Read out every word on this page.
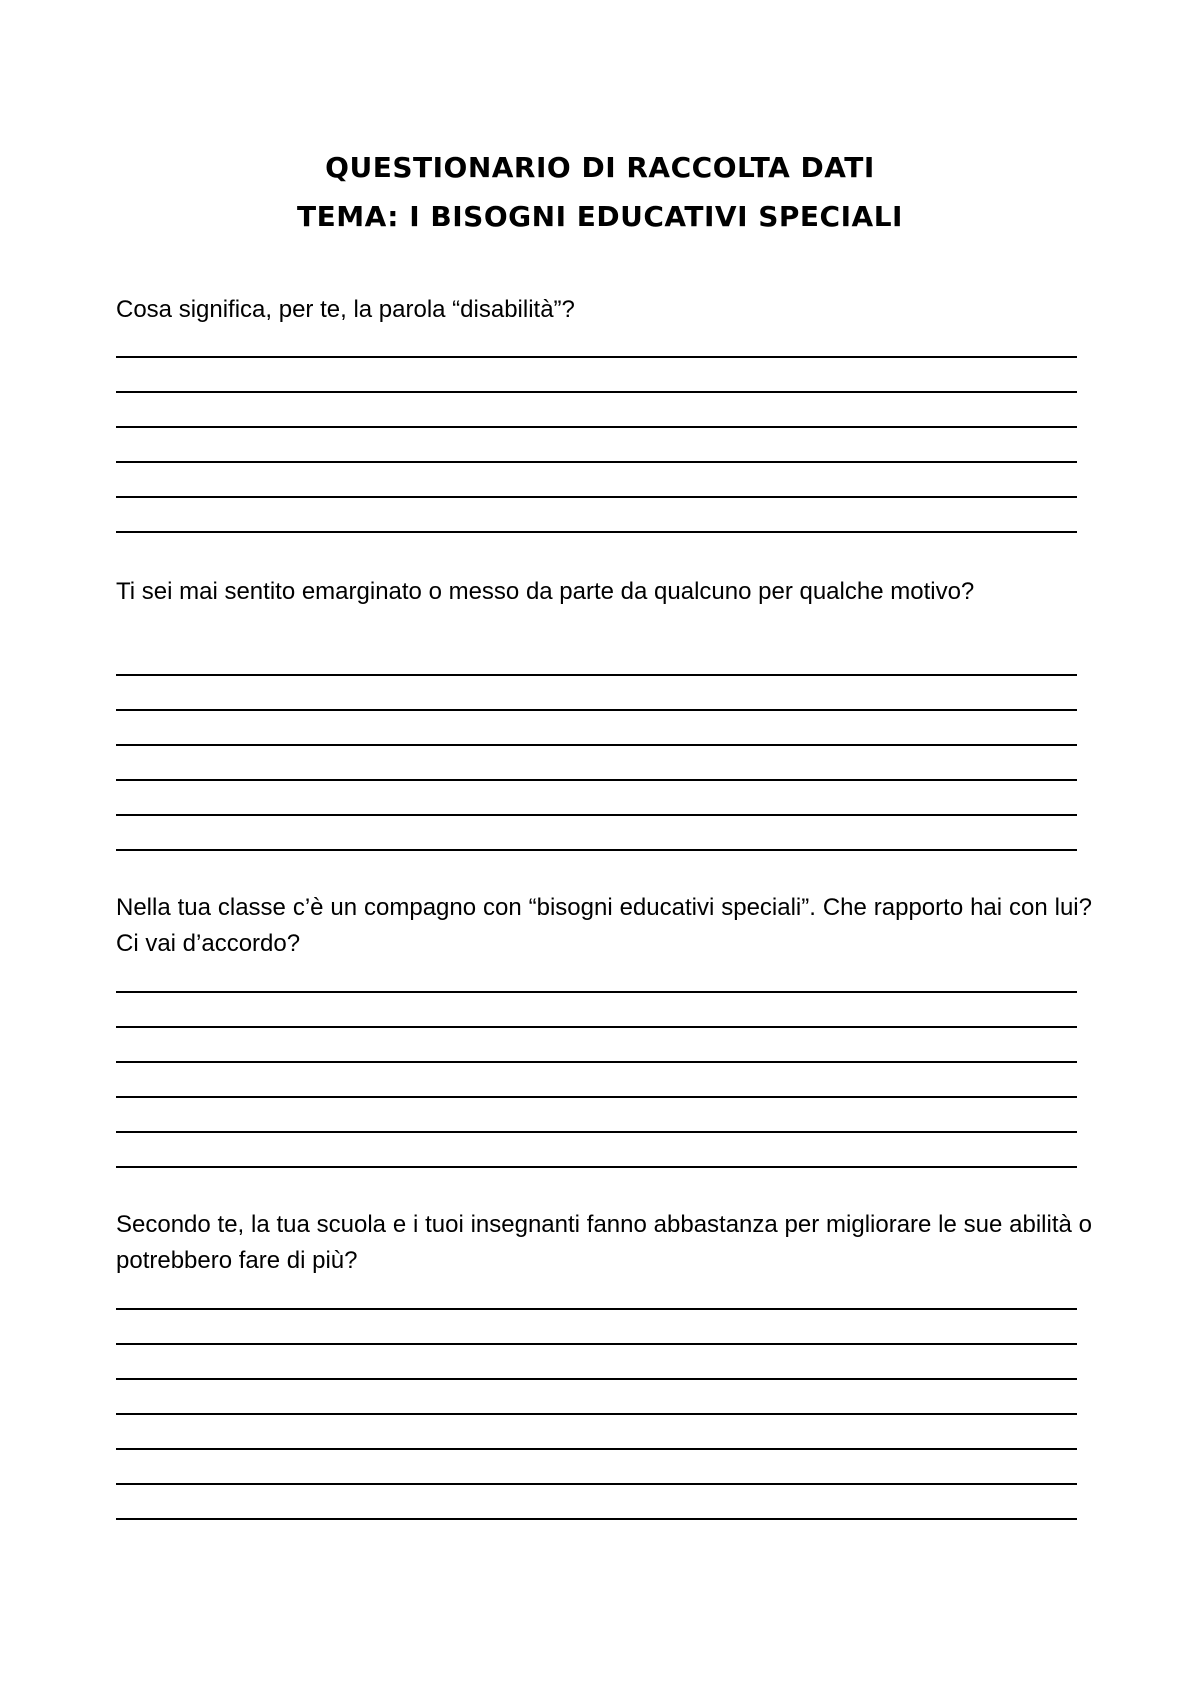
QUESTIONARIO DI RACCOLTA DATI
TEMA: I BISOGNI EDUCATIVI SPECIALI

Cosa significa, per te, la parola “disabilità”?

Ti sei mai sentito emarginato o messo da parte da qualcuno per qualche motivo?

Nella tua classe c’è un compagno con “bisogni educativi speciali”. Che rapporto hai con lui? Ci vai d’accordo?

Secondo te, la tua scuola e i tuoi insegnanti fanno abbastanza per migliorare le sue abilità o potrebbero fare di più?
